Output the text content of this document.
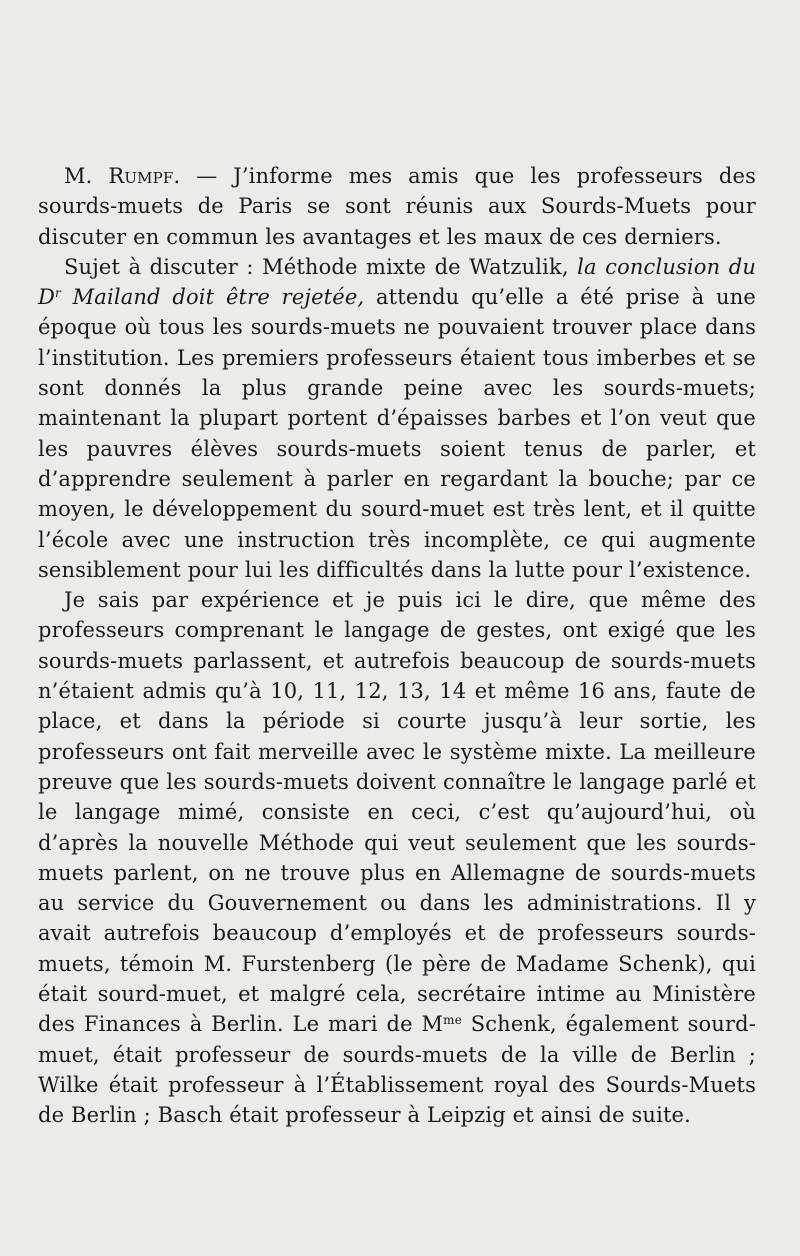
M. Rumpf. — J’informe mes amis que les professeurs des sourds-muets de Paris se sont réunis aux Sourds-Muets pour discuter en commun les avantages et les maux de ces derniers.

Sujet à discuter : Méthode mixte de Watzulik, la conclusion du $D^r$ Mailand doit être rejetée, attendu qu’elle a été prise à une époque où tous les sourds-muets ne pouvaient trouver place dans l’institution. Les premiers professeurs étaient tous imberbes et se sont donnés la plus grande peine avec les sourds-muets; maintenant la plupart portent d’épaisses barbes et l’on veut que les pauvres élèves sourds-muets soient tenus de parler, et d’apprendre seulement à parler en regardant la bouche; par ce moyen, le développement du sourd-muet est très lent, et il quitte l’école avec une instruction très incomplète, ce qui augmente sensiblement pour lui les difficultés dans la lutte pour l’existence.

Je sais par expérience et je puis ici le dire, que même des professeurs comprenant le langage de gestes, ont exigé que les sourds-muets parlassent, et autrefois beaucoup de sourds-muets n’étaient admis qu’à 10, 11, 12, 13, 14 et même 16 ans, faute de place, et dans la période si courte jusqu’à leur sortie, les professeurs ont fait merveille avec le système mixte. La meilleure preuve que les sourds-muets doivent connaître le langage parlé et le langage mimé, consiste en ceci, c’est qu’aujourd’hui, où d’après la nouvelle Méthode qui veut seulement que les sourds-muets parlent, on ne trouve plus en Allemagne de sourds-muets au service du Gouvernement ou dans les administrations. Il y avait autrefois beaucoup d’employés et de professeurs sourds-muets, témoin M. Furstenberg (le père de Madame Schenk), qui était sourd-muet, et malgré cela, secrétaire intime au Ministère des Finances à Berlin. Le mari de $M^{me}$ Schenk, également sourd-muet, était professeur de sourds-muets de la ville de Berlin ; Wilke était professeur à l’Établissement royal des Sourds-Muets de Berlin ; Basch était professeur à Leipzig et ainsi de suite.
